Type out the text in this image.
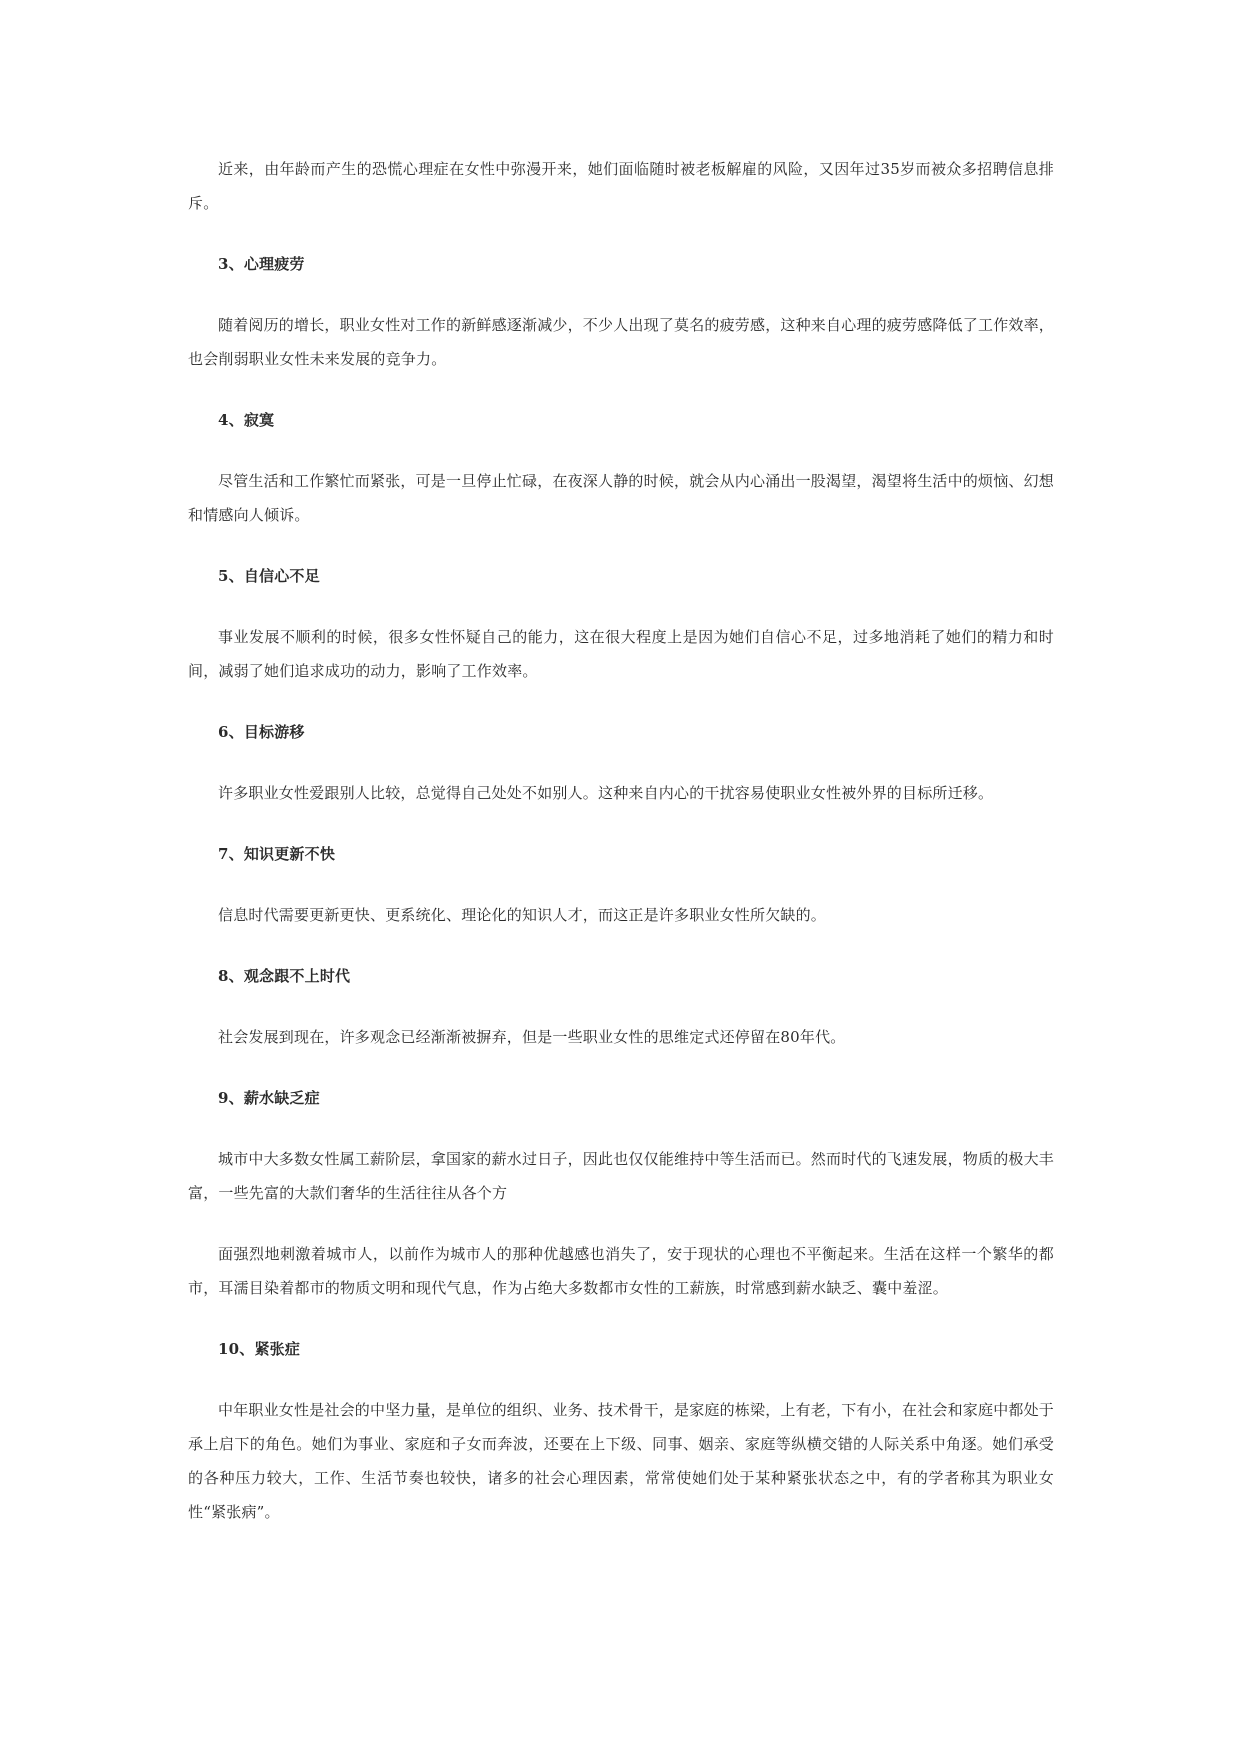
近来，由年龄而产生的恐慌心理症在女性中弥漫开来，她们面临随时被老板解雇的风险，又因年过35岁而被众多招聘信息排斥。

3、心理疲劳

随着阅历的增长，职业女性对工作的新鲜感逐渐减少，不少人出现了莫名的疲劳感，这种来自心理的疲劳感降低了工作效率，也会削弱职业女性未来发展的竞争力。

4、寂寞

尽管生活和工作繁忙而紧张，可是一旦停止忙碌，在夜深人静的时候，就会从内心涌出一股渴望，渴望将生活中的烦恼、幻想和情感向人倾诉。

5、自信心不足

事业发展不顺利的时候，很多女性怀疑自己的能力，这在很大程度上是因为她们自信心不足，过多地消耗了她们的精力和时间，减弱了她们追求成功的动力，影响了工作效率。

6、目标游移

许多职业女性爱跟别人比较，总觉得自己处处不如别人。这种来自内心的干扰容易使职业女性被外界的目标所迁移。

7、知识更新不快

信息时代需要更新更快、更系统化、理论化的知识人才，而这正是许多职业女性所欠缺的。

8、观念跟不上时代

社会发展到现在，许多观念已经渐渐被摒弃，但是一些职业女性的思维定式还停留在80年代。

9、薪水缺乏症

城市中大多数女性属工薪阶层，拿国家的薪水过日子，因此也仅仅能维持中等生活而已。然而时代的飞速发展，物质的极大丰富，一些先富的大款们奢华的生活往往从各个方

面强烈地刺激着城市人，以前作为城市人的那种优越感也消失了，安于现状的心理也不平衡起来。生活在这样一个繁华的都市，耳濡目染着都市的物质文明和现代气息，作为占绝大多数都市女性的工薪族，时常感到薪水缺乏、囊中羞涩。

10、紧张症

中年职业女性是社会的中坚力量，是单位的组织、业务、技术骨干，是家庭的栋梁，上有老，下有小，在社会和家庭中都处于承上启下的角色。她们为事业、家庭和子女而奔波，还要在上下级、同事、姻亲、家庭等纵横交错的人际关系中角逐。她们承受的各种压力较大，工作、生活节奏也较快，诸多的社会心理因素，常常使她们处于某种紧张状态之中，有的学者称其为职业女性“紧张病”。
